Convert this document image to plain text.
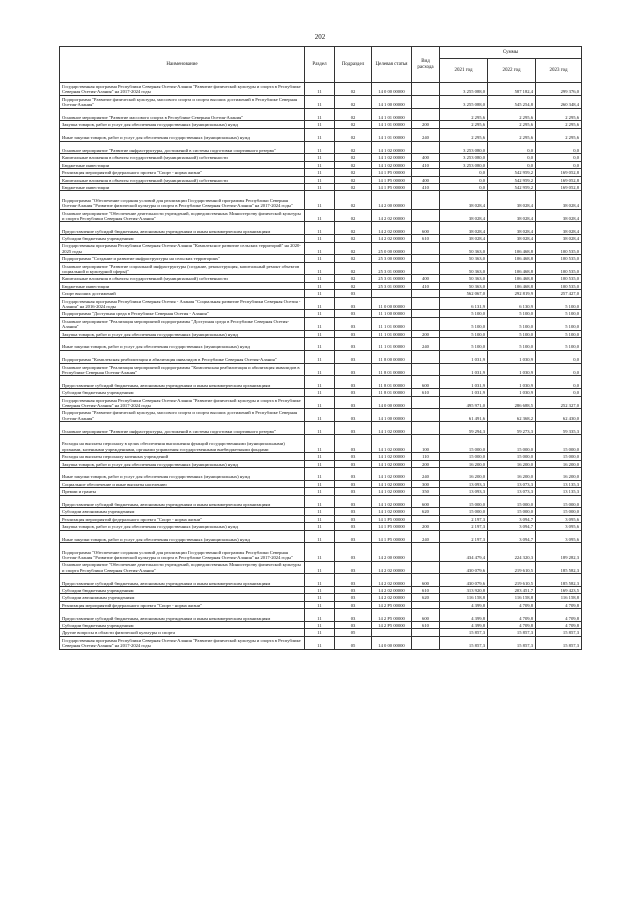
202
Наименование	Раздел	Подраздел	Целевая статья	Вид расхода	Суммы		
					2021 год	2022 год	2023 год
Государственная программа Республики Северная Осетия-Алания "Развитие физической культуры и спорта в Республике Северная Осетия-Алания" на 2017-2024 годы	11	02	14 0 00 00000		3 255 088,0	587 182,4	299 376,0
Подпрограмма "Развитие физической культуры, массового спорта и спорта высших достижений в Республике Северная Осетия-Алания"	11	02	14 1 00 00000		3 255 088,0	545 254,8	260 348,4
Основное мероприятие "Развитие массового спорта в Республике Северная Осетия-Алания"	11	02	14 1 01 00000		2 295,6	2 295,6	2 295,6
Закупка товаров, работ и услуг для обеспечения государственных (муниципальных) нужд	11	02	14 1 01 00000	200	2 295,6	2 295,6	2 295,6
Иные закупки товаров, работ и услуг для обеспечения государственных (муниципальных) нужд	11	02	14 1 01 00000	240	2 295,6	2 295,6	2 295,6
Основное мероприятие "Развитие инфраструктуры, достижений в системы подготовки спортивного резерва"	11	02	14 1 02 00000		3 253 080,0	0,0	0,0
Капитальные вложения в объекты государственной (муниципальной) собственности	11	02	14 1 02 00000	400	3 253 080,0	0,0	0,0
Бюджетные инвестиции	11	02	14 1 02 00000	410	3 253 080,0	0,0	0,0
Реализация мероприятий федерального проекта "Спорт - норма жизни"	11	02	14 1 P5 00000		0,0	542 959,2	169 052,8
Капитальные вложения в объекты государственной (муниципальной) собственности	11	02	14 1 P5 00000	400	0,0	542 959,2	169 052,8
Бюджетные инвестиции	11	02	14 1 P5 00000	410	0,0	542 959,2	169 052,8
Подпрограмма "Обеспечение создания условий для реализации Государственной программы Республики Северная Осетия-Алания "Развитие физической культуры и спорта в Республике Северная Осетия-Алания" на 2017-2024 годы"	11	02	14 2 00 00000		38 028,4	38 028,4	38 028,4
Основное мероприятие "Обеспечение деятельности учреждений, подведомственных Министерству физической культуры и спорта Республики Северная Осетия-Алания"	11	02	14 2 02 00000		38 028,4	38 028,4	38 028,4
Предоставление субсидий бюджетным, автономным учреждениям и иным некоммерческим организациям	11	02	14 2 02 00000	600	38 028,4	38 028,4	38 028,4
Субсидии бюджетным учреждениям	11	02	14 2 02 00000	610	38 028,4	38 028,4	38 028,4
Государственная программа Республики Северная Осетия-Алания "Комплексное развитие сельских территорий" на 2020-2025 годы	11	02	25 0 00 00000		50 363,0	106 468,8	100 535,0
Подпрограмма "Создание и развитие инфраструктуры на сельских территориях"	11	02	25 3 00 00000		50 363,0	106 468,8	100 535,0
Основное мероприятие "Развитие социальной инфраструктуры (создание, реконструкция, капитальный ремонт объектов социальной и культурной сферы)"	11	02	25 3 01 00000		50 363,0	106 468,8	100 535,0
Капитальные вложения в объекты государственной (муниципальной) собственности	11	02	25 3 01 00000	400	50 363,0	106 468,8	100 535,0
Бюджетные инвестиции	11	02	25 3 01 00000	410	50 363,0	106 468,8	100 535,0
Спорт высших достижений	11	03			562 067,0	292 819,9	257 427,0
Государственная программа Республики Северная Осетия - Алания "Социальная развитие Республики Северная Осетия - Алания" на 2016-2024 годы	11	03	11 0 00 00000		6 131,9	6 130,9	5 100,0
Подпрограмма "Доступная среда в Республике Северная Осетия - Алания"	11	03	11 1 00 00000		5 100,0	5 100,0	5 100,0
Основное мероприятие "Реализация мероприятий подпрограммы "Доступная среда в Республике Северная Осетия-Алания"	11	03	11 1 01 00000		5 100,0	5 100,0	5 100,0
Закупка товаров, работ и услуг для обеспечения государственных (муниципальных) нужд	11	03	11 1 01 00000	200	5 100,0	5 100,0	5 100,0
Иные закупки товаров, работ и услуг для обеспечения государственных (муниципальных) нужд	11	03	11 1 01 00000	240	5 100,0	5 100,0	5 100,0
Подпрограмма "Комплексная реабилитация и абилитация инвалидов в Республике Северная Осетия-Алания"	11	03	11 8 00 00000		1 031,9	1 030,9	0,0
Основное мероприятие "Реализация мероприятий подпрограммы "Комплексная реабилитация и абилитация инвалидов в Республике Северная Осетия-Алания"	11	03	11 8 01 00000		1 031,9	1 030,9	0,0
Предоставление субсидий бюджетным, автономным учреждениям и иным некоммерческим организациям	11	03	11 8 01 00000	600	1 031,9	1 030,9	0,0
Субсидии бюджетным учреждениям	11	03	11 8 01 00000	610	1 031,9	1 030,9	0,0
Государственная программа Республики Северная Осетия-Алания "Развитие физической культуры и спорта в Республике Северная Осетия-Алания" на 2017-2024 годы	11	03	14 0 00 00000		495 971,0	286 688,5	252 327,0
Подпрограмма "Развитие физической культуры, массового спорта и спорта высших достижений в Республике Северная Осетия-Алания"	11	03	14 1 00 00000		61 491,6	62 368,2	62 430,0
Основное мероприятие "Развитие инфраструктуры, достижений в системы подготовки спортивного резерва"	11	03	14 1 02 00000		59 294,3	59 273,3	59 335,3
Расходы на выплаты персоналу в целях обеспечения выполнения функций государственными (муниципальными) органами, казенными учреждениями, органами управления государственными внебюджетными фондами	11	03	14 1 02 00000	100	15 000,0	15 000,0	15 000,0
Расходы на выплаты персоналу казенных учреждений	11	03	14 1 02 00000	110	15 000,0	15 000,0	15 000,0
Закупка товаров, работ и услуг для обеспечения государственных (муниципальных) нужд	11	03	14 1 02 00000	200	16 200,0	16 200,0	16 200,0
Иные закупки товаров, работ и услуг для обеспечения государственных (муниципальных) нужд	11	03	14 1 02 00000	240	16 200,0	16 200,0	16 200,0
Социальное обеспечение и иные выплаты населению	11	03	14 1 02 00000	300	13 093,3	13 073,3	13 135,3
Премии и гранты	11	03	14 1 02 00000	350	13 093,3	13 073,3	13 135,3
Предоставление субсидий бюджетным, автономным учреждениям и иным некоммерческим организациям	11	03	14 1 02 00000	600	15 000,0	15 000,0	15 000,0
Субсидии автономным учреждениям	11	03	14 1 02 00000	620	15 000,0	15 000,0	15 000,0
Реализация мероприятий федерального проекта "Спорт - норма жизни"	11	03	14 1 P5 00000		2 197,3	3 094,7	3 095,6
Закупка товаров, работ и услуг для обеспечения государственных (муниципальных) нужд	11	03	14 1 P5 00000	200	2 197,3	3 094,7	3 095,6
Иные закупки товаров, работ и услуг для обеспечения государственных (муниципальных) нужд	11	03	14 1 P5 00000	240	2 197,3	3 094,7	3 095,6
Подпрограмма "Обеспечение создания условий для реализации Государственной программы Республики Северная Осетия-Алания "Развитие физической культуры и спорта в Республике Северная Осетия-Алания" на 2017-2024 годы"	11	03	14 2 00 00000		434 479,4	224 320,3	189 282,3
Основное мероприятие "Обеспечение деятельности учреждений, подведомственных Министерству физической культуры и спорта Республики Северная Осетия-Алания"	11	03	14 2 02 00000		430 079,6	219 610,5	185 582,3
Предоставление субсидий бюджетным, автономным учреждениям и иным некоммерческим организациям	11	03	14 2 02 00000	600	430 079,6	219 610,5	185 582,3
Субсидии бюджетным учреждениям	11	03	14 2 02 00000	610	313 920,8	203 451,7	169 423,5
Субсидии автономным учреждениям	11	03	14 2 02 00000	620	116 158,8	116 158,8	116 158,8
Реализация мероприятий федерального проекта "Спорт - норма жизни"	11	03	14 2 P5 00000		4 399,8	4 709,8	4 709,8
Предоставление субсидий бюджетным, автономным учреждениям и иным некоммерческим организациям	11	03	14 2 P5 00000	600	4 399,8	4 709,8	4 709,8
Субсидии бюджетным учреждениям	11	03	14 2 P5 00000	610	4 399,8	4 709,8	4 709,8
Другие вопросы в области физической культуры и спорта	11	05			15 857,3	15 857,3	15 857,3
Государственная программа Республики Северная Осетия-Алания "Развитие физической культуры и спорта в Республике Северная Осетия-Алания" на 2017-2024 годы	11	05	14 0 00 00000		15 857,3	15 857,3	15 857,3
